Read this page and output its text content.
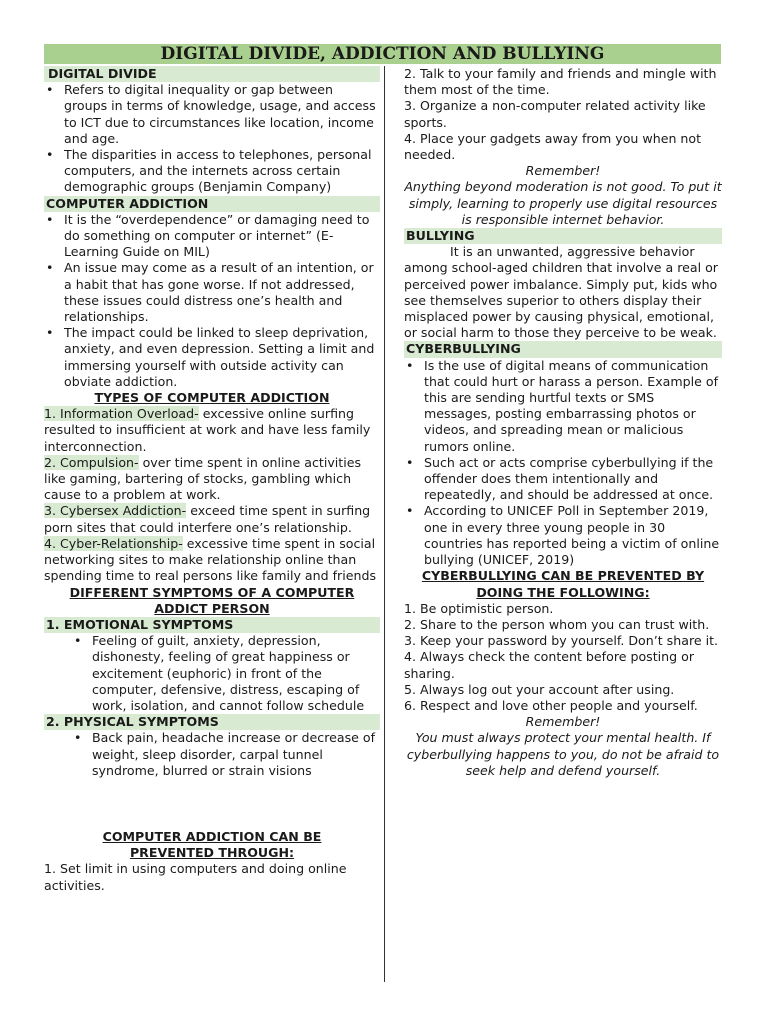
DIGITAL DIVIDE, ADDICTION AND BULLYING
DIGITAL DIVIDE
• Refers to digital inequality or gap between groups in terms of knowledge, usage, and access to ICT due to circumstances like location, income and age.
• The disparities in access to telephones, personal computers, and the internets across certain demographic groups (Benjamin Company)
COMPUTER ADDICTION
• It is the “overdependence” or damaging need to do something on computer or internet” (E-Learning Guide on MIL)
• An issue may come as a result of an intention, or a habit that has gone worse. If not addressed, these issues could distress one’s health and relationships.
• The impact could be linked to sleep deprivation, anxiety, and even depression. Setting a limit and immersing yourself with outside activity can obviate addiction.
TYPES OF COMPUTER ADDICTION

1. Information Overload- excessive online surfing resulted to insufficient at work and have less family interconnection.

2. Compulsion- over time spent in online activities like gaming, bartering of stocks, gambling which cause to a problem at work.

3. Cybersex Addiction- exceed time spent in surfing porn sites that could interfere one’s relationship.

4. Cyber-Relationship- excessive time spent in social networking sites to make relationship online than spending time to real persons like family and friends

DIFFERENT SYMPTOMS OF A COMPUTER ADDICT PERSON
1. EMOTIONAL SYMPTOMS
• Feeling of guilt, anxiety, depression, dishonesty, feeling of great happiness or excitement (euphoric) in front of the computer, defensive, distress, escaping of work, isolation, and cannot follow schedule
2. PHYSICAL SYMPTOMS
• Back pain, headache increase or decrease of weight, sleep disorder, carpal tunnel syndrome, blurred or strain visions
COMPUTER ADDICTION CAN BE PREVENTED THROUGH:

1. Set limit in using computers and doing online activities.

2. Talk to your family and friends and mingle with them most of the time.

3. Organize a non-computer related activity like sports.

4. Place your gadgets away from you when not needed.

Remember!
Anything beyond moderation is not good. To put it simply, learning to properly use digital resources is responsible internet behavior.
BULLYING

It is an unwanted, aggressive behavior among school-aged children that involve a real or perceived power imbalance. Simply put, kids who see themselves superior to others display their misplaced power by causing physical, emotional, or social harm to those they perceive to be weak.

CYBERBULLYING
• Is the use of digital means of communication that could hurt or harass a person. Example of this are sending hurtful texts or SMS messages, posting embarrassing photos or videos, and spreading mean or malicious rumors online.
• Such act or acts comprise cyberbullying if the offender does them intentionally and repeatedly, and should be addressed at once.
• According to UNICEF Poll in September 2019, one in every three young people in 30 countries has reported being a victim of online bullying (UNICEF, 2019)
CYBERBULLYING CAN BE PREVENTED BY DOING THE FOLLOWING:

1. Be optimistic person.

2. Share to the person whom you can trust with.

3. Keep your password by yourself. Don’t share it.

4. Always check the content before posting or sharing.

5. Always log out your account after using.

6. Respect and love other people and yourself.

Remember!
You must always protect your mental health. If cyberbullying happens to you, do not be afraid to seek help and defend yourself.
